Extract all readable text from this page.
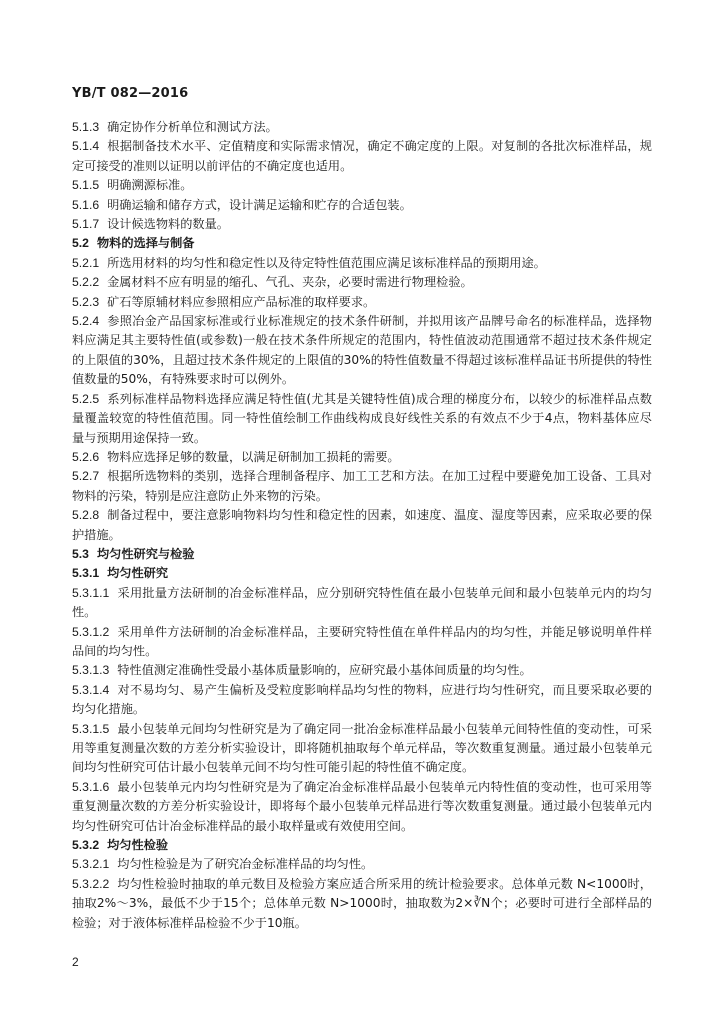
YB/T 082—2016

5.1.3 确定协作分析单位和测试方法。

5.1.4 根据制备技术水平、定值精度和实际需求情况，确定不确定度的上限。对复制的各批次标准样品，规定可接受的准则以证明以前评估的不确定度也适用。

5.1.5 明确溯源标准。

5.1.6 明确运输和储存方式，设计满足运输和贮存的合适包装。

5.1.7 设计候选物料的数量。

5.2 物料的选择与制备

5.2.1 所选用材料的均匀性和稳定性以及待定特性值范围应满足该标准样品的预期用途。

5.2.2 金属材料不应有明显的缩孔、气孔、夹杂，必要时需进行物理检验。

5.2.3 矿石等原辅材料应参照相应产品标准的取样要求。

5.2.4 参照冶金产品国家标准或行业标准规定的技术条件研制，并拟用该产品牌号命名的标准样品，选择物料应满足其主要特性值(或参数)一般在技术条件所规定的范围内，特性值波动范围通常不超过技术条件规定的上限值的30%，且超过技术条件规定的上限值的30%的特性值数量不得超过该标准样品证书所提供的特性值数量的50%，有特殊要求时可以例外。

5.2.5 系列标准样品物料选择应满足特性值(尤其是关键特性值)成合理的梯度分布，以较少的标准样品点数量覆盖较宽的特性值范围。同一特性值绘制工作曲线构成良好线性关系的有效点不少于4点，物料基体应尽量与预期用途保持一致。

5.2.6 物料应选择足够的数量，以满足研制加工损耗的需要。

5.2.7 根据所选物料的类别，选择合理制备程序、加工工艺和方法。在加工过程中要避免加工设备、工具对物料的污染，特别是应注意防止外来物的污染。

5.2.8 制备过程中，要注意影响物料均匀性和稳定性的因素，如速度、温度、湿度等因素，应采取必要的保护措施。

5.3 均匀性研究与检验

5.3.1 均匀性研究

5.3.1.1 采用批量方法研制的冶金标准样品，应分别研究特性值在最小包装单元间和最小包装单元内的均匀性。

5.3.1.2 采用单件方法研制的冶金标准样品，主要研究特性值在单件样品内的均匀性，并能足够说明单件样品间的均匀性。

5.3.1.3 特性值测定准确性受最小基体质量影响的，应研究最小基体间质量的均匀性。

5.3.1.4 对不易均匀、易产生偏析及受粒度影响样品均匀性的物料，应进行均匀性研究，而且要采取必要的均匀化措施。

5.3.1.5 最小包装单元间均匀性研究是为了确定同一批冶金标准样品最小包装单元间特性值的变动性，可采用等重复测量次数的方差分析实验设计，即将随机抽取每个单元样品，等次数重复测量。通过最小包装单元间均匀性研究可估计最小包装单元间不均匀性可能引起的特性值不确定度。

5.3.1.6 最小包装单元内均匀性研究是为了确定冶金标准样品最小包装单元内特性值的变动性，也可采用等重复测量次数的方差分析实验设计，即将每个最小包装单元样品进行等次数重复测量。通过最小包装单元内均匀性研究可估计冶金标准样品的最小取样量或有效使用空间。

5.3.2 均匀性检验

5.3.2.1 均匀性检验是为了研究冶金标准样品的均匀性。

5.3.2.2 均匀性检验时抽取的单元数目及检验方案应适合所采用的统计检验要求。总体单元数 N<1000时，抽取2%～3%，最低不少于15个；总体单元数 N>1000时，抽取数为2×∛N个；必要时可进行全部样品的检验；对于液体标准样品检验不少于10瓶。

2
